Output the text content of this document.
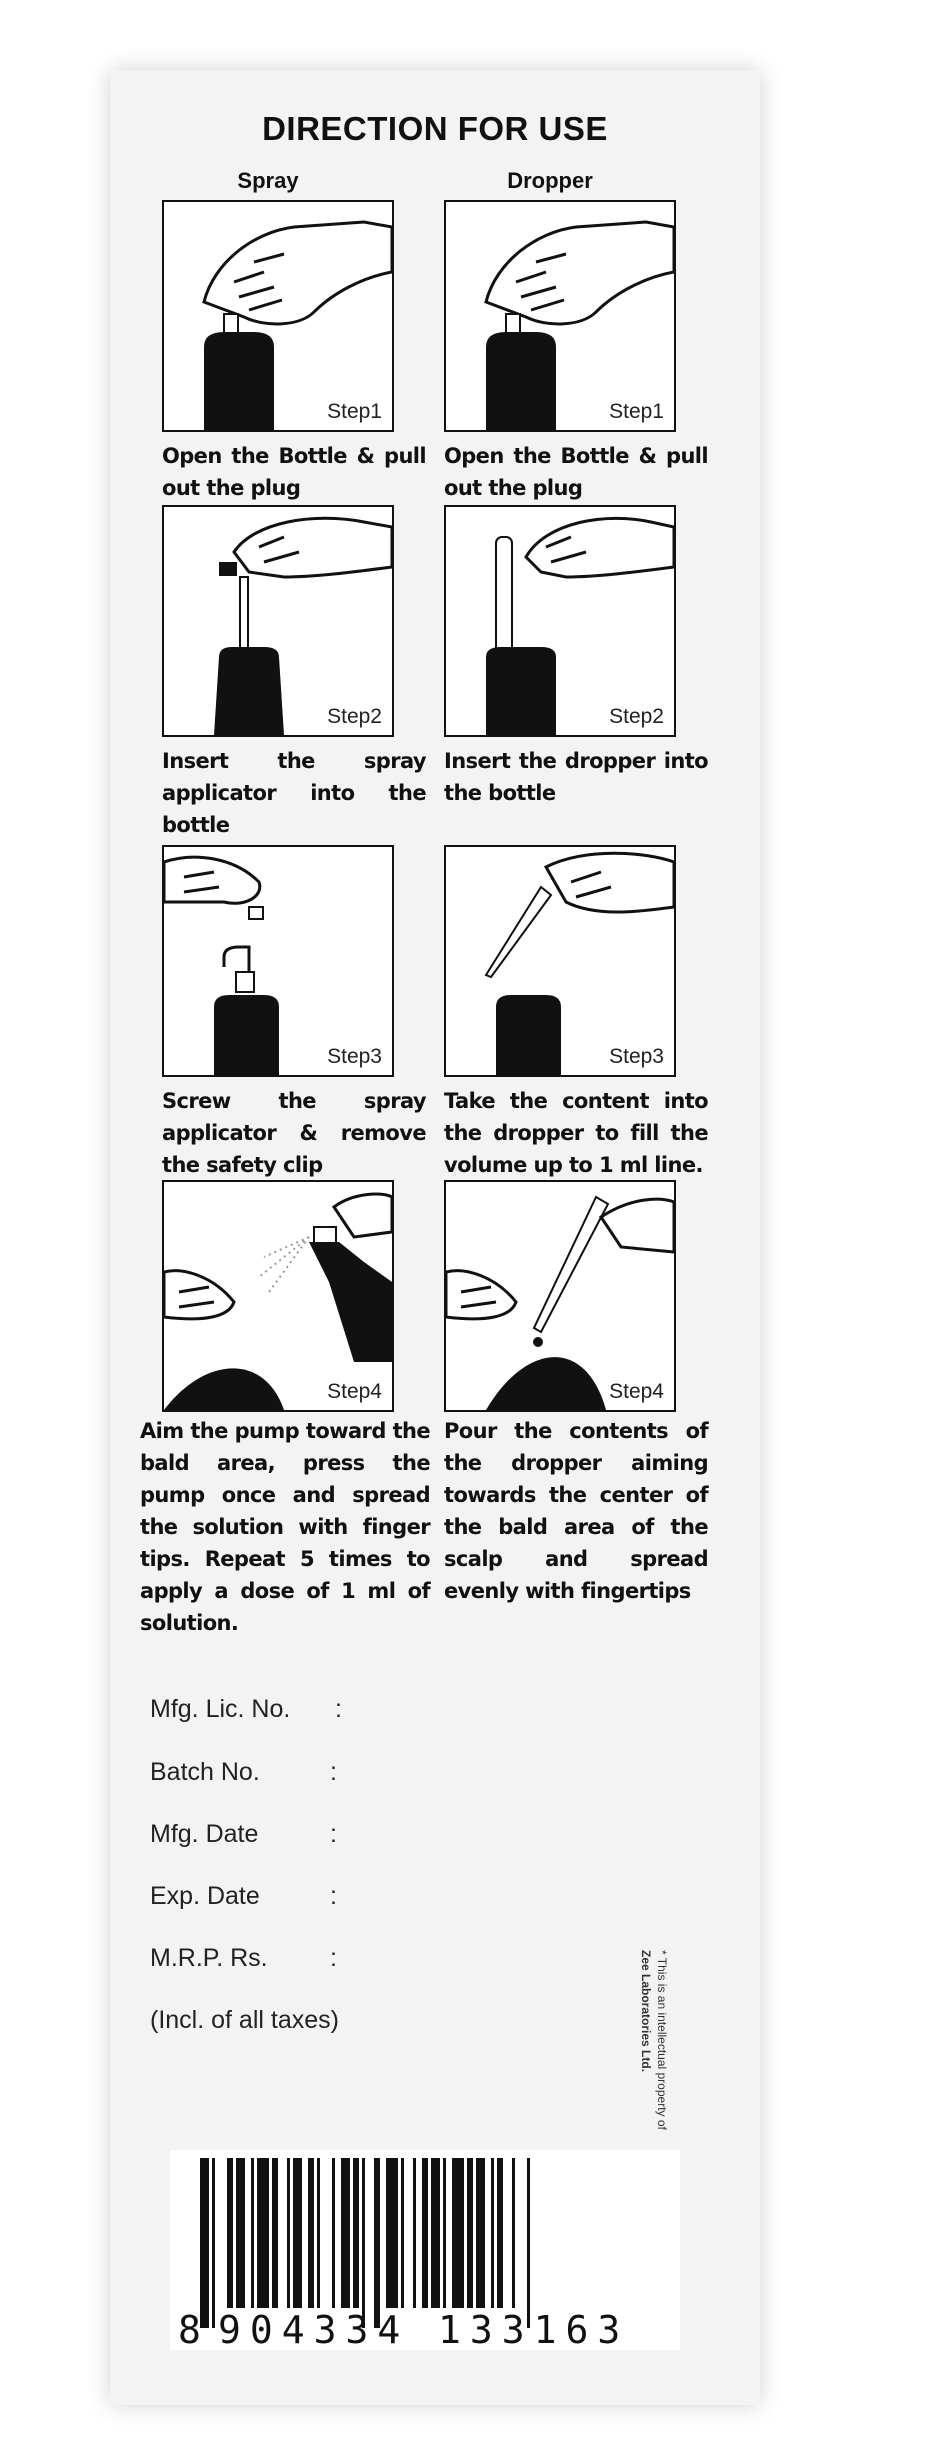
DIRECTION FOR USE
Spray	Dropper
Step1	Step1
Open the Bottle & pull out the plug
Open the Bottle & pull out the plug
Step2	Step2
Insert the spray applicator into the bottle
Insert the dropper into the bottle
Step3	Step3
Screw the spray applicator & remove the safety clip
Take the content into the dropper to fill the volume up to 1 ml line.
Step4	Step4
Aim the pump toward the bald area, press the pump once and spread the solution with finger tips. Repeat 5 times to apply a dose of 1 ml of solution.
Pour the contents of the dropper aiming towards the center of the bald area of the scalp and spread evenly with fingertips
Mfg. Lic. No. :
Batch No.	:
Mfg. Date	:
Exp. Date	:
M.R.P. Rs. :
(Incl. of all taxes)	* This is an intellectual property of
Zee Laboratories Ltd.
8 904334 133163
